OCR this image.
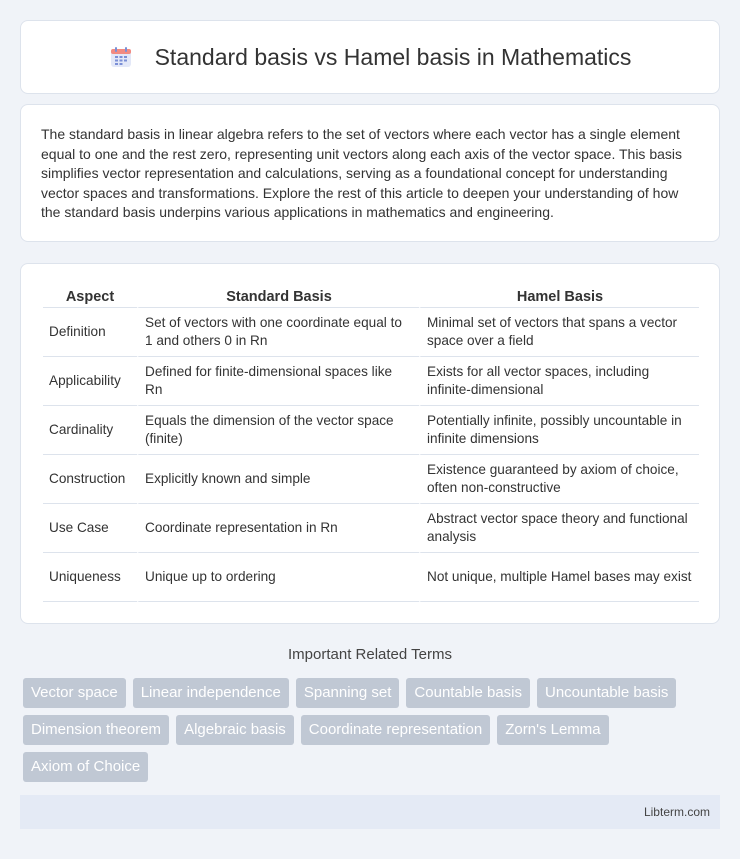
Standard basis vs Hamel basis in Mathematics

The standard basis in linear algebra refers to the set of vectors where each vector has a single element equal to one and the rest zero, representing unit vectors along each axis of the vector space. This basis simplifies vector representation and calculations, serving as a foundational concept for understanding vector spaces and transformations. Explore the rest of this article to deepen your understanding of how the standard basis underpins various applications in mathematics and engineering.

Aspect	Standard Basis	Hamel Basis
Definition	Set of vectors with one coordinate equal to 1 and others 0 in Rn	Minimal set of vectors that spans a vector space over a field
Applicability	Defined for finite-dimensional spaces like Rn	Exists for all vector spaces, including infinite-dimensional
Cardinality	Equals the dimension of the vector space (finite)	Potentially infinite, possibly uncountable in infinite dimensions
Construction	Explicitly known and simple	Existence guaranteed by axiom of choice, often non-constructive
Use Case	Coordinate representation in Rn	Abstract vector space theory and functional analysis
Uniqueness	Unique up to ordering	Not unique, multiple Hamel bases may exist
Important Related Terms
Vector space	Linear independence	Spanning set	Countable basis	Uncountable basis
Dimension theorem	Algebraic basis	Coordinate representation	Zorn's Lemma
Axiom of Choice
Libterm.com
